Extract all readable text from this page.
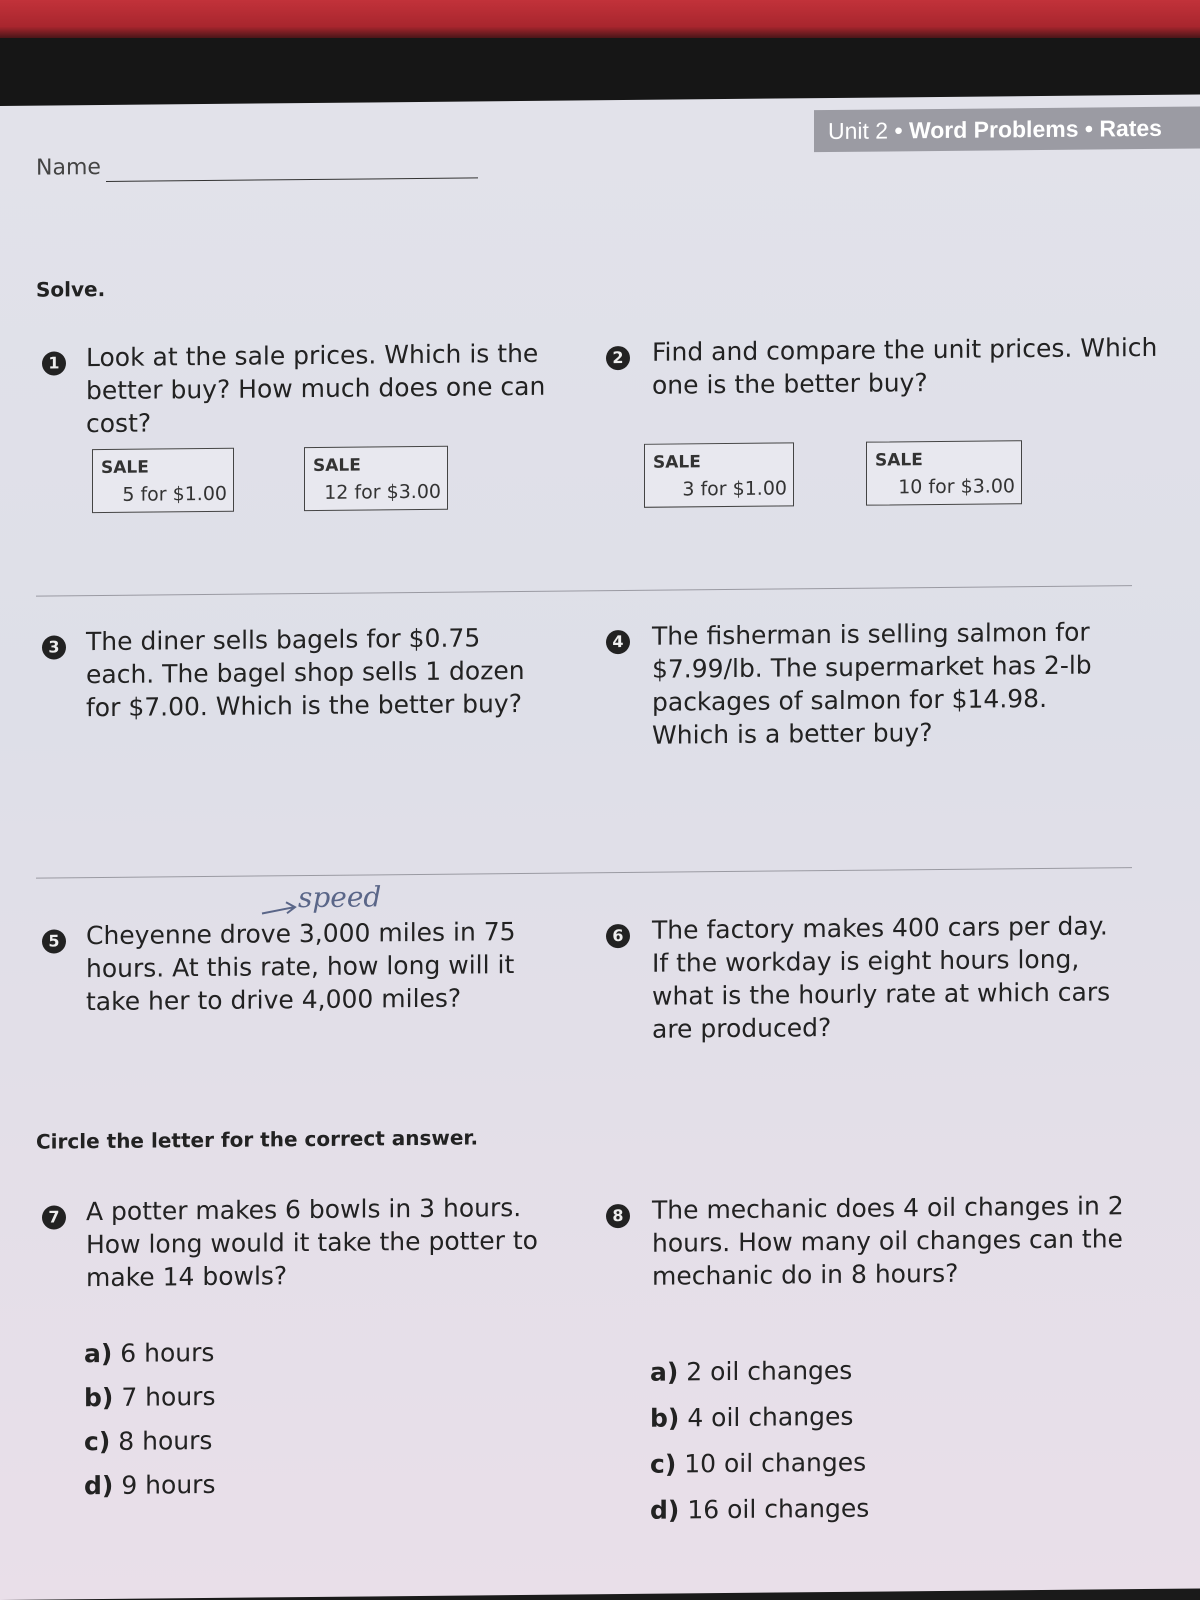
Unit 2 • Word Problems • Rates
Name
Solve.
1 Look at the sale prices. Which is the better buy? How much does one can cost?
SALE
5 for $1.00
SALE
12 for $3.00
2 Find and compare the unit prices. Which one is the better buy?
SALE
3 for $1.00
SALE
10 for $3.00
3 The diner sells bagels for $0.75 each. The bagel shop sells 1 dozen for $7.00. Which is the better buy?
4 The fisherman is selling salmon for $7.99/lb. The supermarket has 2-lb packages of salmon for $14.98. Which is a better buy?
speed
5 Cheyenne drove 3,000 miles in 75 hours. At this rate, how long will it take her to drive 4,000 miles?
6 The factory makes 400 cars per day. If the workday is eight hours long, what is the hourly rate at which cars are produced?
Circle the letter for the correct answer.
7 A potter makes 6 bowls in 3 hours. How long would it take the potter to make 14 bowls?
a) 6 hours
b) 7 hours
c) 8 hours
d) 9 hours
8 The mechanic does 4 oil changes in 2 hours. How many oil changes can the mechanic do in 8 hours?
a) 2 oil changes
b) 4 oil changes
c) 10 oil changes
d) 16 oil changes
